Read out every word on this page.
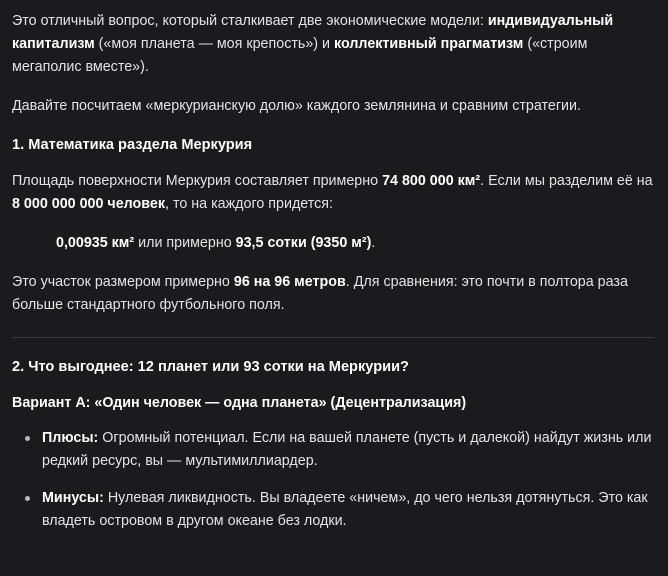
Это отличный вопрос, который сталкивает две экономические модели: индивидуальный капитализм («моя планета — моя крепость») и коллективный прагматизм («строим мегаполис вместе»).

Давайте посчитаем «меркурианскую долю» каждого землянина и сравним стратегии.

1. Математика раздела Меркурия

Площадь поверхности Меркурия составляет примерно 74 800 000 км². Если мы разделим её на 8 000 000 000 человек, то на каждого придется:

0,00935 км² или примерно 93,5 сотки (9350 м²).

Это участок размером примерно 96 на 96 метров. Для сравнения: это почти в полтора раза больше стандартного футбольного поля.

2. Что выгоднее: 12 планет или 93 сотки на Меркурии?
Вариант А: «Один человек — одна планета» (Децентрализация)
Плюсы: Огромный потенциал. Если на вашей планете (пусть и далекой) найдут жизнь или редкий ресурс, вы — мультимиллиардер.
Минусы: Нулевая ликвидность. Вы владеете «ничем», до чего нельзя дотянуться. Это как владеть островом в другом океане без лодки.
